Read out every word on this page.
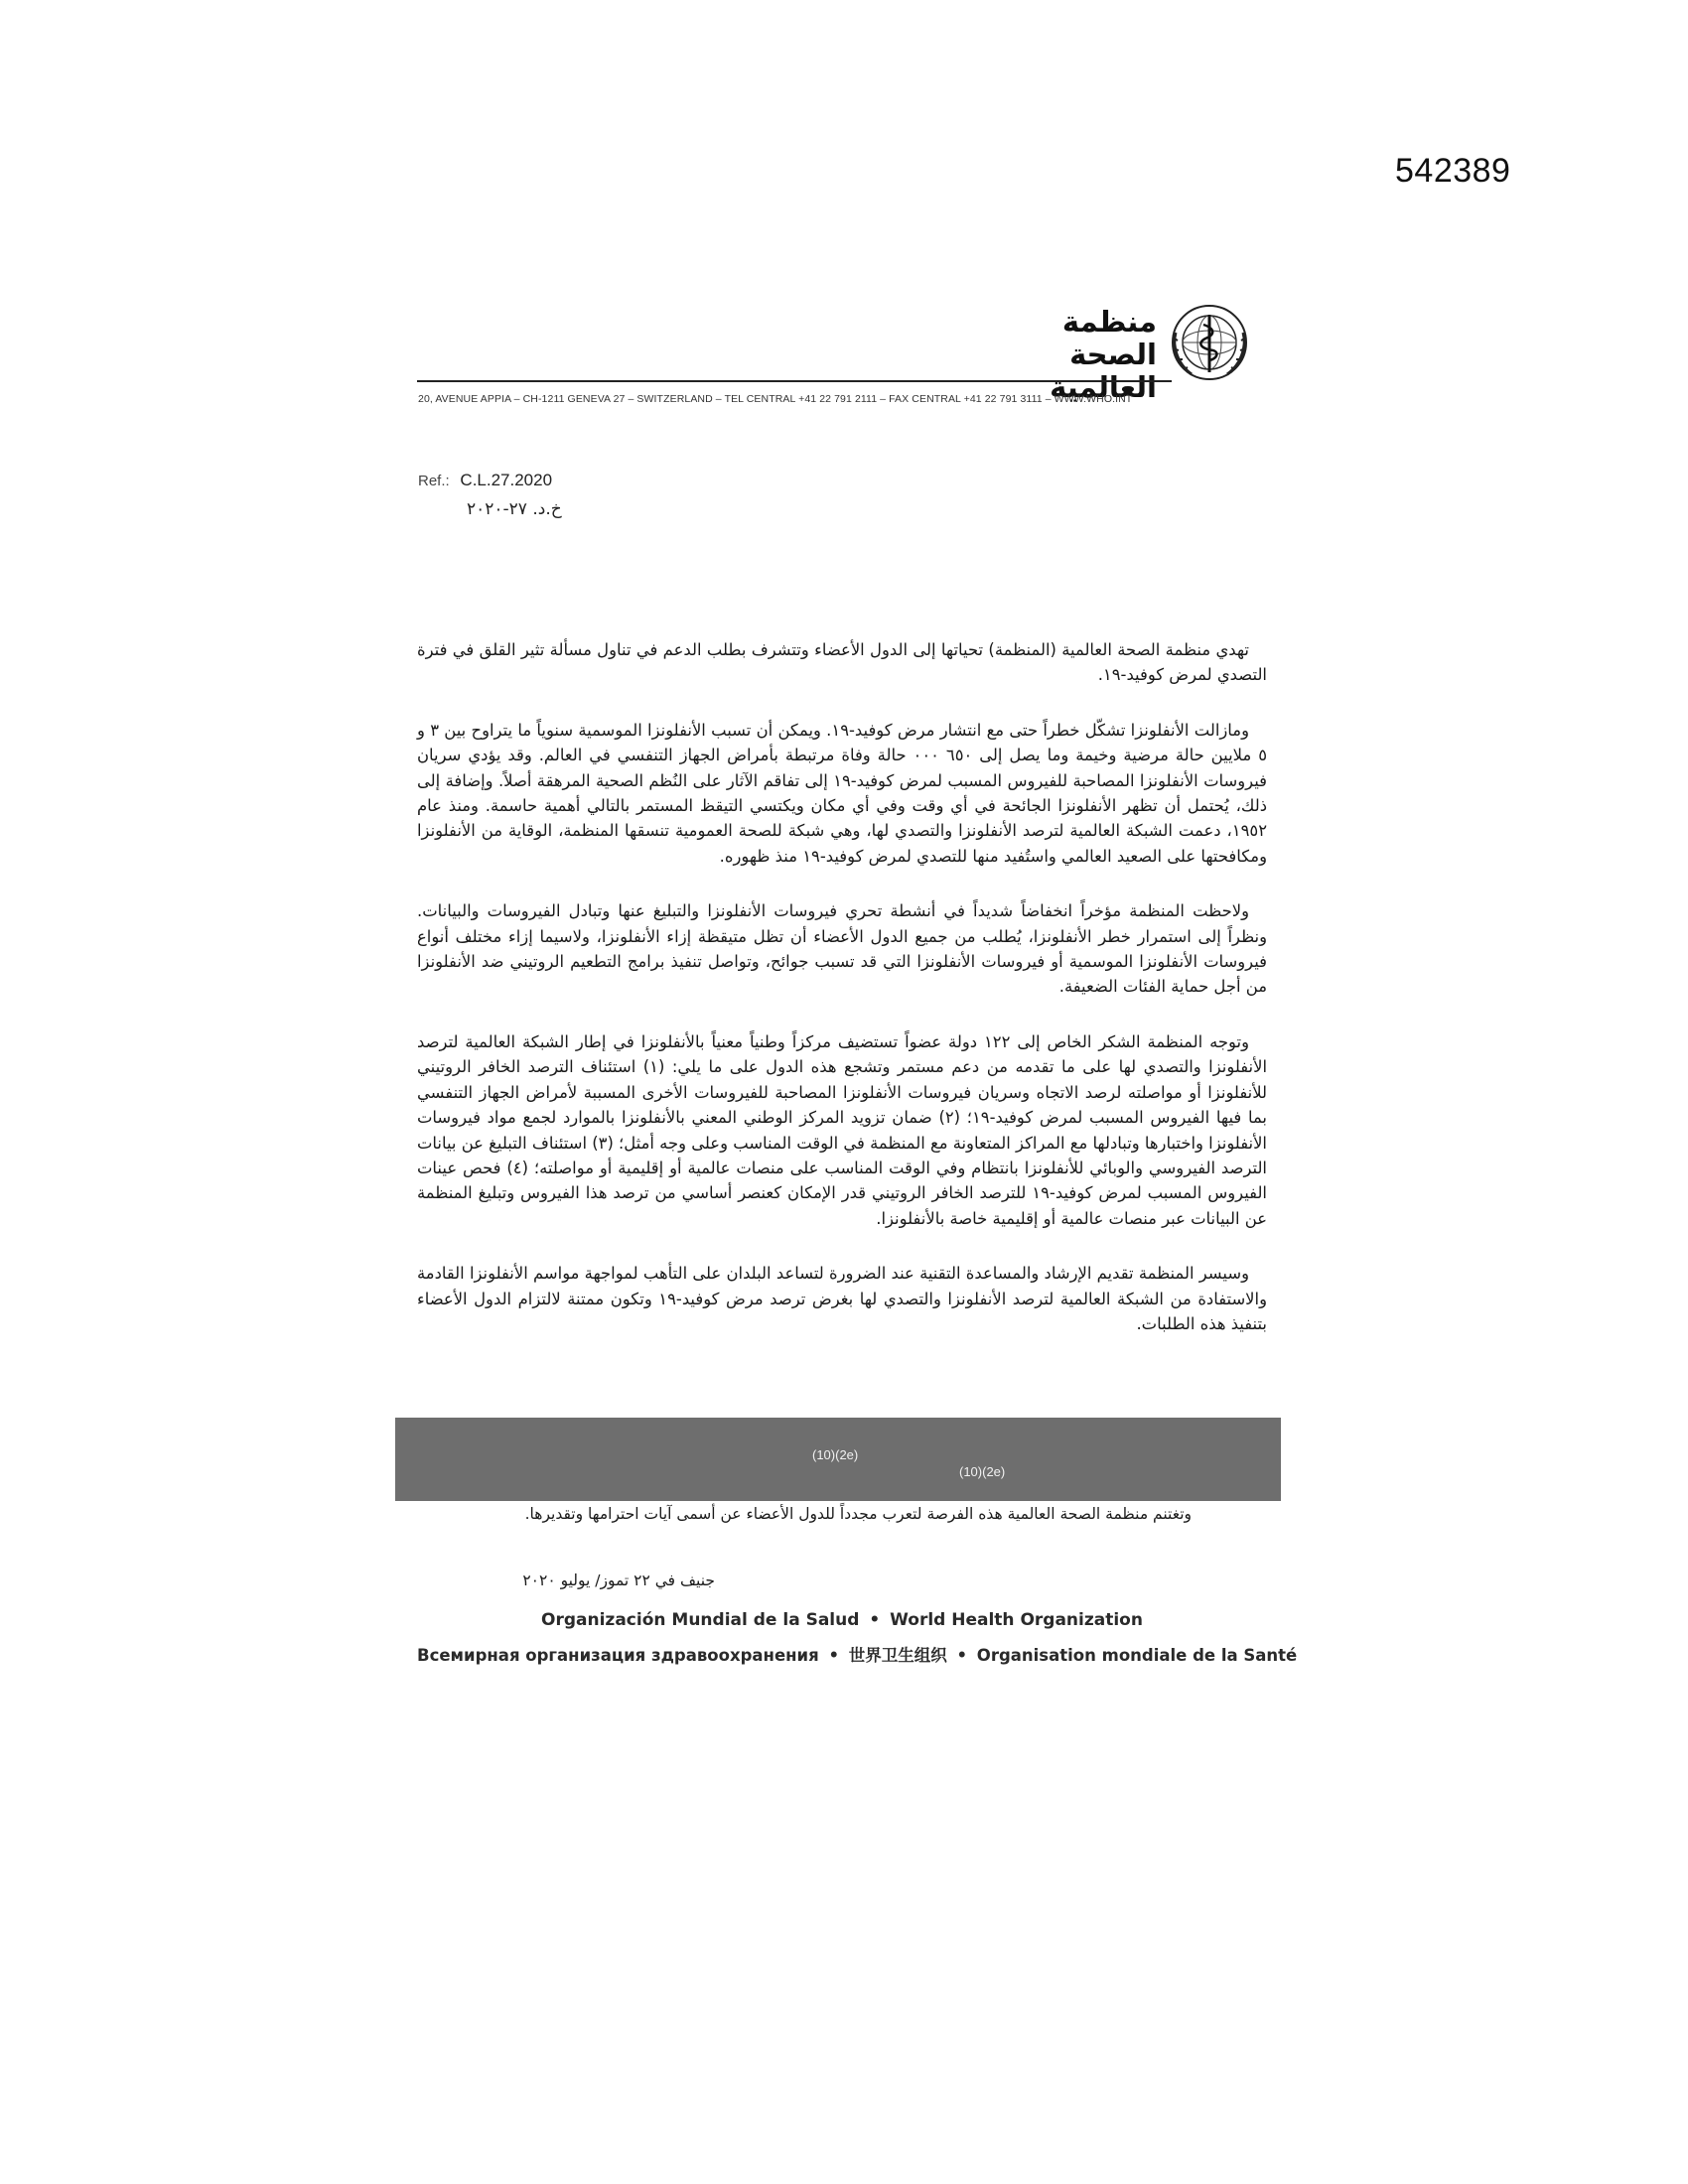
542389
منظمة
الصحة العالمية
20, AVENUE APPIA – CH-1211 GENEVA 27 – SWITZERLAND – TEL CENTRAL +41 22 791 2111 – FAX CENTRAL +41 22 791 3111 – WWW.WHO.INT
Ref.: C.L.27.2020
خ.د. ٢٧-٢٠٢٠

تهدي منظمة الصحة العالمية (المنظمة) تحياتها إلى الدول الأعضاء وتتشرف بطلب الدعم في تناول مسألة تثير القلق في فترة التصدي لمرض كوفيد-١٩.

ومازالت الأنفلونزا تشكّل خطراً حتى مع انتشار مرض كوفيد-١٩. ويمكن أن تسبب الأنفلونزا الموسمية سنوياً ما يتراوح بين ٣ و ٥ ملايين حالة مرضية وخيمة وما يصل إلى ٦٥٠ ٠٠٠ حالة وفاة مرتبطة بأمراض الجهاز التنفسي في العالم. وقد يؤدي سريان فيروسات الأنفلونزا المصاحبة للفيروس المسبب لمرض كوفيد-١٩ إلى تفاقم الآثار على النُظم الصحية المرهقة أصلاً. وإضافة إلى ذلك، يُحتمل أن تظهر الأنفلونزا الجائحة في أي وقت وفي أي مكان ويكتسي التيقظ المستمر بالتالي أهمية حاسمة. ومنذ عام ١٩٥٢، دعمت الشبكة العالمية لترصد الأنفلونزا والتصدي لها، وهي شبكة للصحة العمومية تنسقها المنظمة، الوقاية من الأنفلونزا ومكافحتها على الصعيد العالمي واستُفيد منها للتصدي لمرض كوفيد-١٩ منذ ظهوره.

ولاحظت المنظمة مؤخراً انخفاضاً شديداً في أنشطة تحري فيروسات الأنفلونزا والتبليغ عنها وتبادل الفيروسات والبيانات. ونظراً إلى استمرار خطر الأنفلونزا، يُطلب من جميع الدول الأعضاء أن تظل متيقظة إزاء الأنفلونزا، ولاسيما إزاء مختلف أنواع فيروسات الأنفلونزا الموسمية أو فيروسات الأنفلونزا التي قد تسبب جوائح، وتواصل تنفيذ برامج التطعيم الروتيني ضد الأنفلونزا من أجل حماية الفئات الضعيفة.

وتوجه المنظمة الشكر الخاص إلى ١٢٢ دولة عضواً تستضيف مركزاً وطنياً معنياً بالأنفلونزا في إطار الشبكة العالمية لترصد الأنفلونزا والتصدي لها على ما تقدمه من دعم مستمر وتشجع هذه الدول على ما يلي: (١) استئناف الترصد الخافر الروتيني للأنفلونزا أو مواصلته لرصد الاتجاه وسريان فيروسات الأنفلونزا المصاحبة للفيروسات الأخرى المسببة لأمراض الجهاز التنفسي بما فيها الفيروس المسبب لمرض كوفيد-١٩؛ (٢) ضمان تزويد المركز الوطني المعني بالأنفلونزا بالموارد لجمع مواد فيروسات الأنفلونزا واختبارها وتبادلها مع المراكز المتعاونة مع المنظمة في الوقت المناسب وعلى وجه أمثل؛ (٣) استئناف التبليغ عن بيانات الترصد الفيروسي والوبائي للأنفلونزا بانتظام وفي الوقت المناسب على منصات عالمية أو إقليمية أو مواصلته؛ (٤) فحص عينات الفيروس المسبب لمرض كوفيد-١٩ للترصد الخافر الروتيني قدر الإمكان كعنصر أساسي من ترصد هذا الفيروس وتبليغ المنظمة عن البيانات عبر منصات عالمية أو إقليمية خاصة بالأنفلونزا.

وسيسر المنظمة تقديم الإرشاد والمساعدة التقنية عند الضرورة لتساعد البلدان على التأهب لمواجهة مواسم الأنفلونزا القادمة والاستفادة من الشبكة العالمية لترصد الأنفلونزا والتصدي لها بغرض ترصد مرض كوفيد-١٩ وتكون ممتنة لالتزام الدول الأعضاء بتنفيذ هذه الطلبات.

(10)(2e)
(10)(2e)
وتغتنم منظمة الصحة العالمية هذه الفرصة لتعرب مجدداً للدول الأعضاء عن أسمى آيات احترامها وتقديرها.
جنيف في ٢٢ تموز/ يوليو ٢٠٢٠
Organización Mundial de la Salud • World Health Organization
Всемирная организация здравоохранения • 世界卫生组织 • Organisation mondiale de la Santé
